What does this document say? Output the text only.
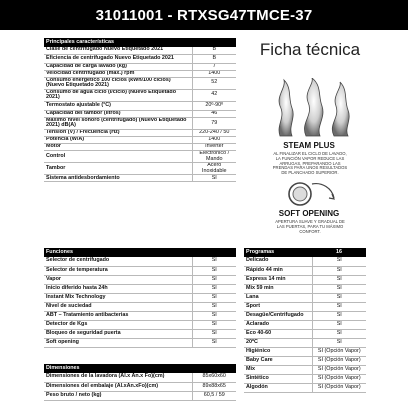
31011001 - RTXSG47TMCE-37
Principales características	
Clase de centrifugado Nuevo Etiquetado 2021	B
Eficiencia de centrifugado Nuevo Etiquetado 2021	B
Capacidad de carga lavado (kg)	7
Velocidad centrifugado (max.) rpm	1400
Consumo energético 100 ciclos (kWh/100 ciclos) (Nuevo Etiquetado 2021)	52
Consumo de agua ciclo (l/ciclo) (Nuevo Etiquetado 2021)	42
Termostato ajustable (°C)	20º-90º
Capacidad del tambor (litros)	46
Máximo nivel sonoro (centrifugado) (Nuevo Etiquetado 2021) dB(A)	79
Tensión (V) / Frecuencia (Hz)	220-240 / 50
Potencia (W/A)	1400
Motor	Inverter
Control	Electrónico / Mando
Tambor	Acero Inoxidable
Sistema antidesbordamiento	SÍ
Funciones	
Selector de centrifugado	SÍ
Selector de temperatura	SÍ
Vapor	SÍ
Inicio diferido hasta 24h	SÍ
Instant Mix Technology	SÍ
Nivel de suciedad	SÍ
ABT – Tratamiento antibacterias	SÍ
Detector de Kgs	SÍ
Bloqueo de seguridad puerta	SÍ
Soft opening	SÍ
Dimensiones	
Dimensiones de la lavadora (Al.x An.x Fo)(cm)	85x60x60
Dimensiones del embalaje (Al.xAn.xFo)(cm)	89x88x65
Peso bruto / neto (kg)	60,5 / 59
Programas	16
Delicado	SÍ
Rápido 44 min	SÍ
Express 14 min	SÍ
Mix 59 min	SÍ
Lana	SÍ
Sport	SÍ
Desagüe/Centrifugado	SÍ
Aclarado	SÍ
Eco 40-60	SÍ
20ºC	SÍ
Higiénico	SÍ (Opción Vapor)
Baby Care	SÍ (Opción Vapor)
Mix	SÍ (Opción Vapor)
Sintético	SÍ (Opción Vapor)
Algodón	SÍ (Opción Vapor)
Ficha técnica
STEAM PLUS
AL FINALIZAR EL CICLO DE LAVADO, LA FUNCIÓN VAPOR REDUCE LAS ARRUGAS, PREPARANDO LAS PRENDAS PARA UNOS RESULTADOS DE PLANCHADO SUPERIOR.
SOFT OPENING
APERTURA SUAVE Y GRADUAL DE LAS PUERTAS, PARA TU MÁXIMO CONFORT.
